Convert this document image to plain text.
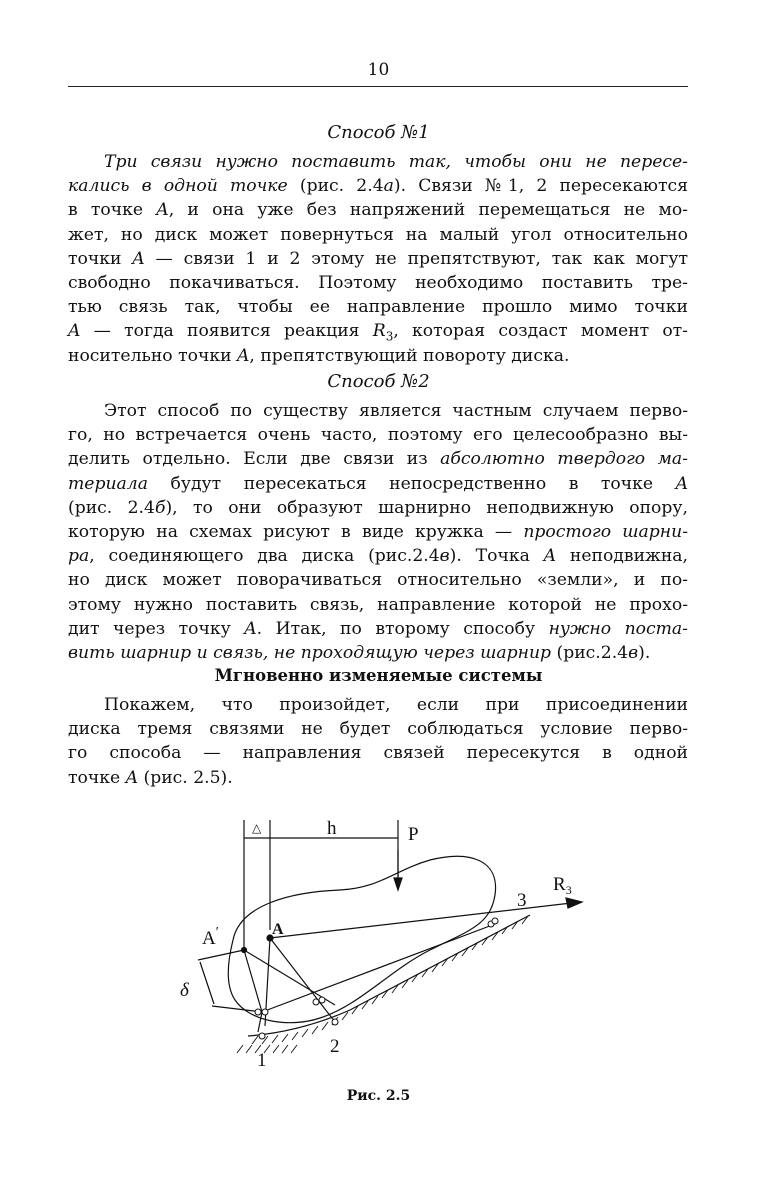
10
Способ №1
Три связи нужно поставить так, чтобы они не пересе-
кались в одной точке (рис. 2.4а). Связи №1, 2 пересекаются
в точке A, и она уже без напряжений перемещаться не мо-
жет, но диск может повернуться на малый угол относительно
точки A — связи 1 и 2 этому не препятствуют, так как могут
свободно покачиваться. Поэтому необходимо поставить тре-
тью связь так, чтобы ее направление прошло мимо точки
A — тогда появится реакция $R_3$, которая создаст момент от-
носительно точки A, препятствующий повороту диска.
Способ №2
Этот способ по существу является частным случаем перво-
го, но встречается очень часто, поэтому его целесообразно вы-
делить отдельно. Если две связи из абсолютно твердого ма-
териала будут пересекаться непосредственно в точке A
(рис. 2.4б), то они образуют шарнирно неподвижную опору,
которую на схемах рисуют в виде кружка — простого шарни-
ра, соединяющего два диска (рис.2.4в). Точка A неподвижна,
но диск может поворачиваться относительно «земли», и по-
этому нужно поставить связь, направление которой не прохо-
дит через точку A. Итак, по второму способу нужно поста-
вить шарнир и связь, не проходящую через шарнир (рис.2.4в).
Мгновенно изменяемые системы
Покажем, что произойдет, если при присоединении
диска тремя связями не будет соблюдаться условие перво-
го способа — направления связей пересекутся в одной
точке A (рис. 2.5).
△	h	P
$R_3$
3
A′	A
δ
1
2
Рис. 2.5
